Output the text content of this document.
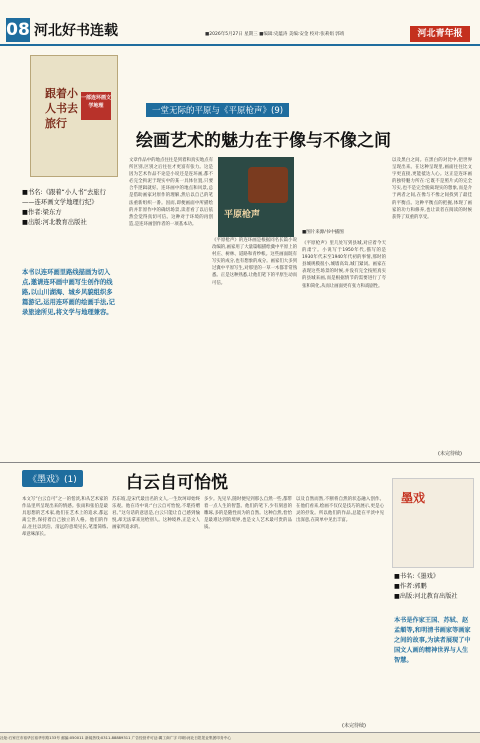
08 河北好书连载	■2026年5月27日 星期三 ■编辑:史蕴涛 美编:安金 校对:张莉娟 郭靖	河北青年报
跟着小人书去旅行
一部连环画文学地理
■书名:《跟着“小人书”去旅行——连环画文学地理行纪》
■作者:梁东方
■出版:河北教育出版社
本书以连环画里路线描画为切入点,邀请连环画中画写生创作的线路,以山川湖海、城乡风貌组织多篇游记,运用连环画的绘画手法,记录旅途所见,将文学与地理兼容。
一堂无际的平原与《平原枪声》(9)
绘画艺术的魅力在于像与不像之间
文章作品中的地点往往是到着和真实地点有所区别,区别之后往往才更富有张力。这是因为艺术作品不论是小说还是连环画,都不必完全拘泥于现实中的某一具体位置,只要合乎逻辑就好。连环画中的地点和风景,总是借助画家对原作的理解,然后以自己的笔法重新组织一番。因而,即便画面中所描绘的并非原作中的确切场景,读者看了以后依然会觉得真切可信。这种对于环境的再创造,是连环画创作者的一项基本功。
平原枪声
《平原枪声》的连环画是根据同名长篇小说改编的,画家用了大量篇幅描绘冀中平原上的村庄、树林、道路和青纱帐。这些画面既有写实的成分,也有想象的成分。画家们大多到过冀中平原写生,对那里的一草一木都非常熟悉。正是这种熟悉,让他们笔下的平原生动而可信。
■图片来源/书中插图
《平原枪声》里几处写到县城,对应着今天的肃宁。小说写于1950年代,描写的是1930年代末至1940年代初的事情,那时的县城规模很小,城墙高耸,城门紧闭。画家在表现这些场景的时候,并没有完全按照真实的县城来画,而是根据情节的需要进行了夸张和简化,从而让画面更有张力和戏剧性。
以及黑白之间。在黑白的对比中,把世界呈现出来。在这种呈现里,画面往往比文字更直接,更能抵达人心。这正是连环画的独特魅力所在:它既不是照片式的完全写实,也不是完全脱离现实的想象,而是介于两者之间,在像与不像之间找到了最佳的平衡点。这种平衡点的把握,体现了画家的功力和修养,也让读者在阅读的时候获得了双重的享受。
(未完待续)
《墨戏》(1)	白云自可怡悦
本文写“白云自可”之一的恬淡,和从艺术家的作品里所呈现出来的情感。张雨和张伯是最具思想的艺术家,他们在艺术上的追求,都远离尘世,保持着自己独立的人格。他们的作品,往往以淡泊、清远的意境见长,笔墨简练,却意味深长。
苏东坡,是宋代最出名的文人,一生坎坷却始终乐观。他在诗中说:“白云自可怡悦,不堪持赠君。”这句话的意思是,白云只能让自己感到愉悦,却无法拿来送给别人。这种境界,正是文人画家所追求的。
多少。先见早,随时便见到那么自然一些,都带着一点人生的智慧。他们的笔下,少有刻意的雕琢,多的是随性而为的自然。这种自然,恰恰是最难达到的境界,也是文人艺术最可贵的品质。
以及自然而然,不断将自然的状态融入创作。在他们看来,绘画不仅仅是技巧的展示,更是心灵的抒发。所以他们的作品,总能在平淡中见出深意,在简单中见出丰富。
(未完待续)
墨戏
■书名:《墨戏》
■作者:郭鹏
■出版:河北教育出版社
本书是作家王国、苏轼、赵孟頫等,和明清书画家等画家之间的故事,为读者展现了中国文人画的精神世界与人生智慧。
社址:石家庄市裕华区裕华东路133号 邮编:050011 新闻热线:0311-88889311 广告经营许可证:冀工商广字 印刷:河北日报报业集团印务中心
